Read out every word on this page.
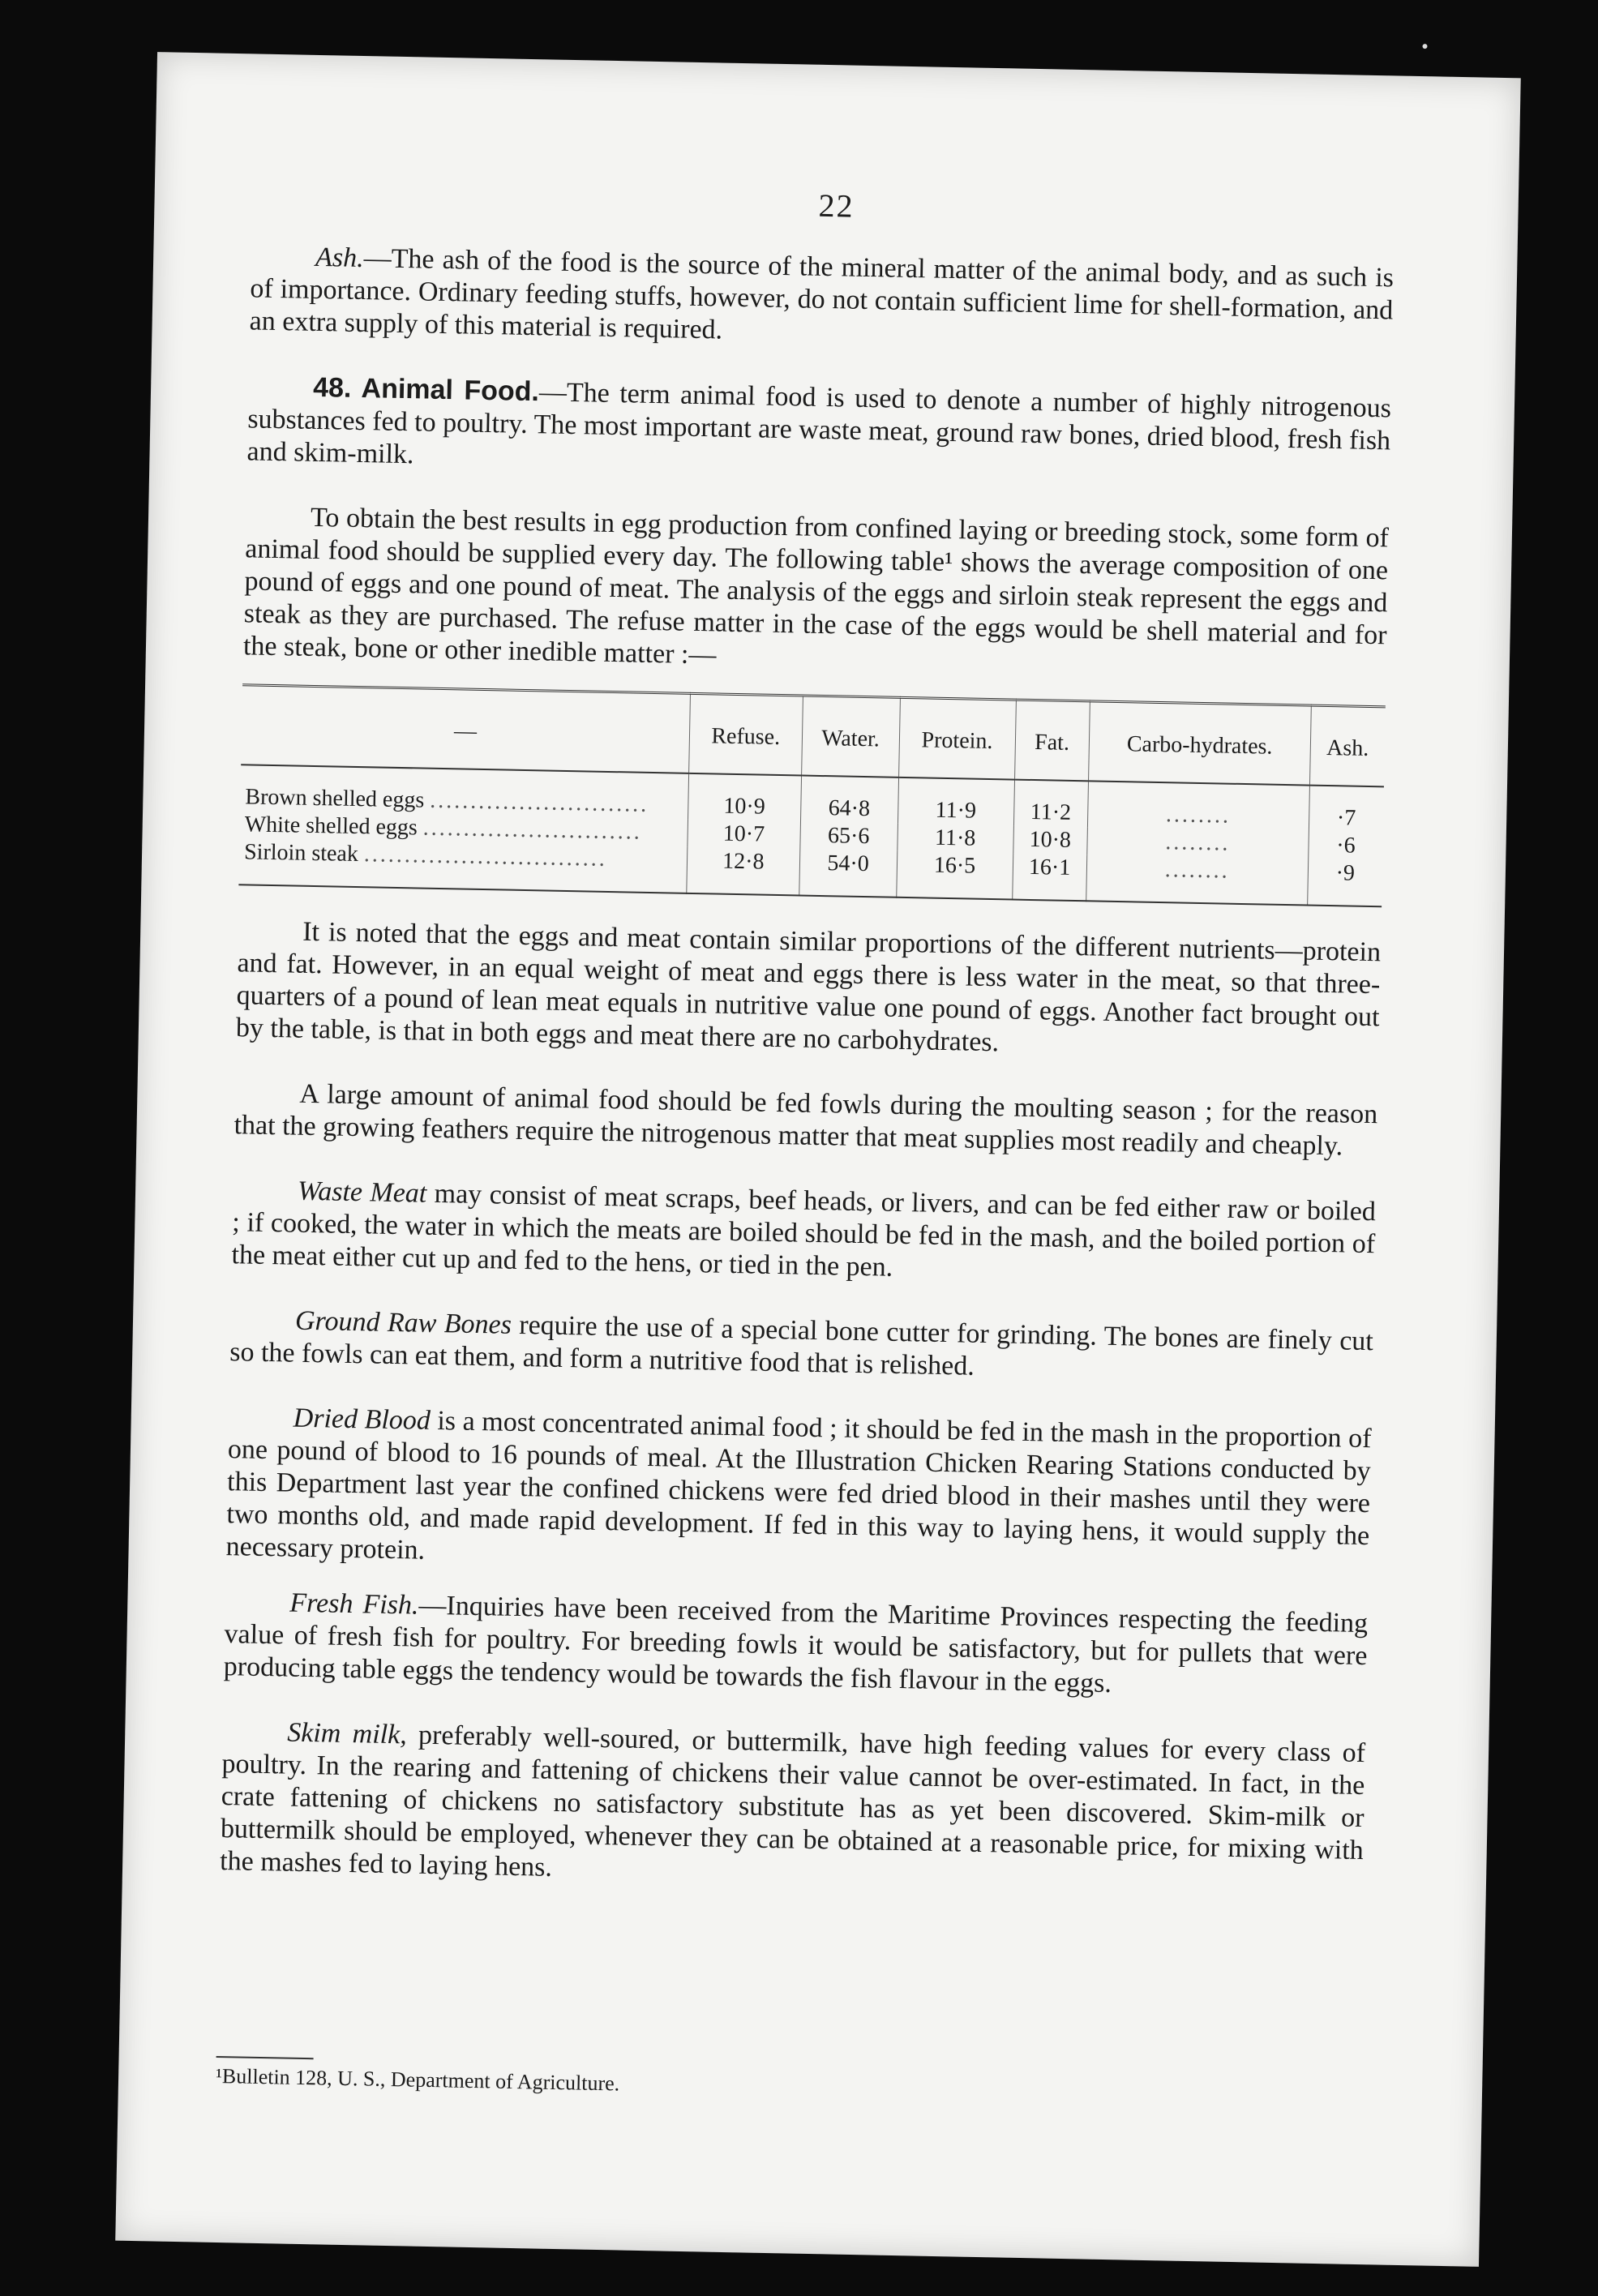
22

Ash.—The ash of the food is the source of the mineral matter of the animal body, and as such is of importance. Ordinary feeding stuffs, however, do not contain sufficient lime for shell-formation, and an extra supply of this material is required.

48. Animal Food.—The term animal food is used to denote a number of highly nitrogenous substances fed to poultry. The most important are waste meat, ground raw bones, dried blood, fresh fish and skim-milk.

To obtain the best results in egg production from confined laying or breeding stock, some form of animal food should be supplied every day. The following table¹ shows the average composition of one pound of eggs and one pound of meat. The analysis of the eggs and sirloin steak represent the eggs and steak as they are purchased. The refuse matter in the case of the eggs would be shell material and for the steak, bone or other inedible matter :—

—	Refuse.	Water.	Protein.	Fat.	Carbo-hydrates.	Ash.
Brown shelled eggs ...........................	10·9	64·8	11·9	11·2	........	·7
White shelled eggs ...........................	10·7	65·6	11·8	10·8	........	·6
Sirloin steak ..............................	12·8	54·0	16·5	16·1	........	·9

It is noted that the eggs and meat contain similar proportions of the different nutrients—protein and fat. However, in an equal weight of meat and eggs there is less water in the meat, so that three-quarters of a pound of lean meat equals in nutritive value one pound of eggs. Another fact brought out by the table, is that in both eggs and meat there are no carbohydrates.

A large amount of animal food should be fed fowls during the moulting season ; for the reason that the growing feathers require the nitrogenous matter that meat supplies most readily and cheaply.

Waste Meat may consist of meat scraps, beef heads, or livers, and can be fed either raw or boiled ; if cooked, the water in which the meats are boiled should be fed in the mash, and the boiled portion of the meat either cut up and fed to the hens, or tied in the pen.

Ground Raw Bones require the use of a special bone cutter for grinding. The bones are finely cut so the fowls can eat them, and form a nutritive food that is relished.

Dried Blood is a most concentrated animal food ; it should be fed in the mash in the proportion of one pound of blood to 16 pounds of meal. At the Illustration Chicken Rearing Stations conducted by this Department last year the confined chickens were fed dried blood in their mashes until they were two months old, and made rapid development. If fed in this way to laying hens, it would supply the necessary protein.

Fresh Fish.—Inquiries have been received from the Maritime Provinces respecting the feeding value of fresh fish for poultry. For breeding fowls it would be satisfactory, but for pullets that were producing table eggs the tendency would be towards the fish flavour in the eggs.

Skim milk, preferably well-soured, or buttermilk, have high feeding values for every class of poultry. In the rearing and fattening of chickens their value cannot be over-estimated. In fact, in the crate fattening of chickens no satisfactory substitute has as yet been discovered. Skim-milk or buttermilk should be employed, whenever they can be obtained at a reasonable price, for mixing with the mashes fed to laying hens.

¹Bulletin 128, U. S., Department of Agriculture.
